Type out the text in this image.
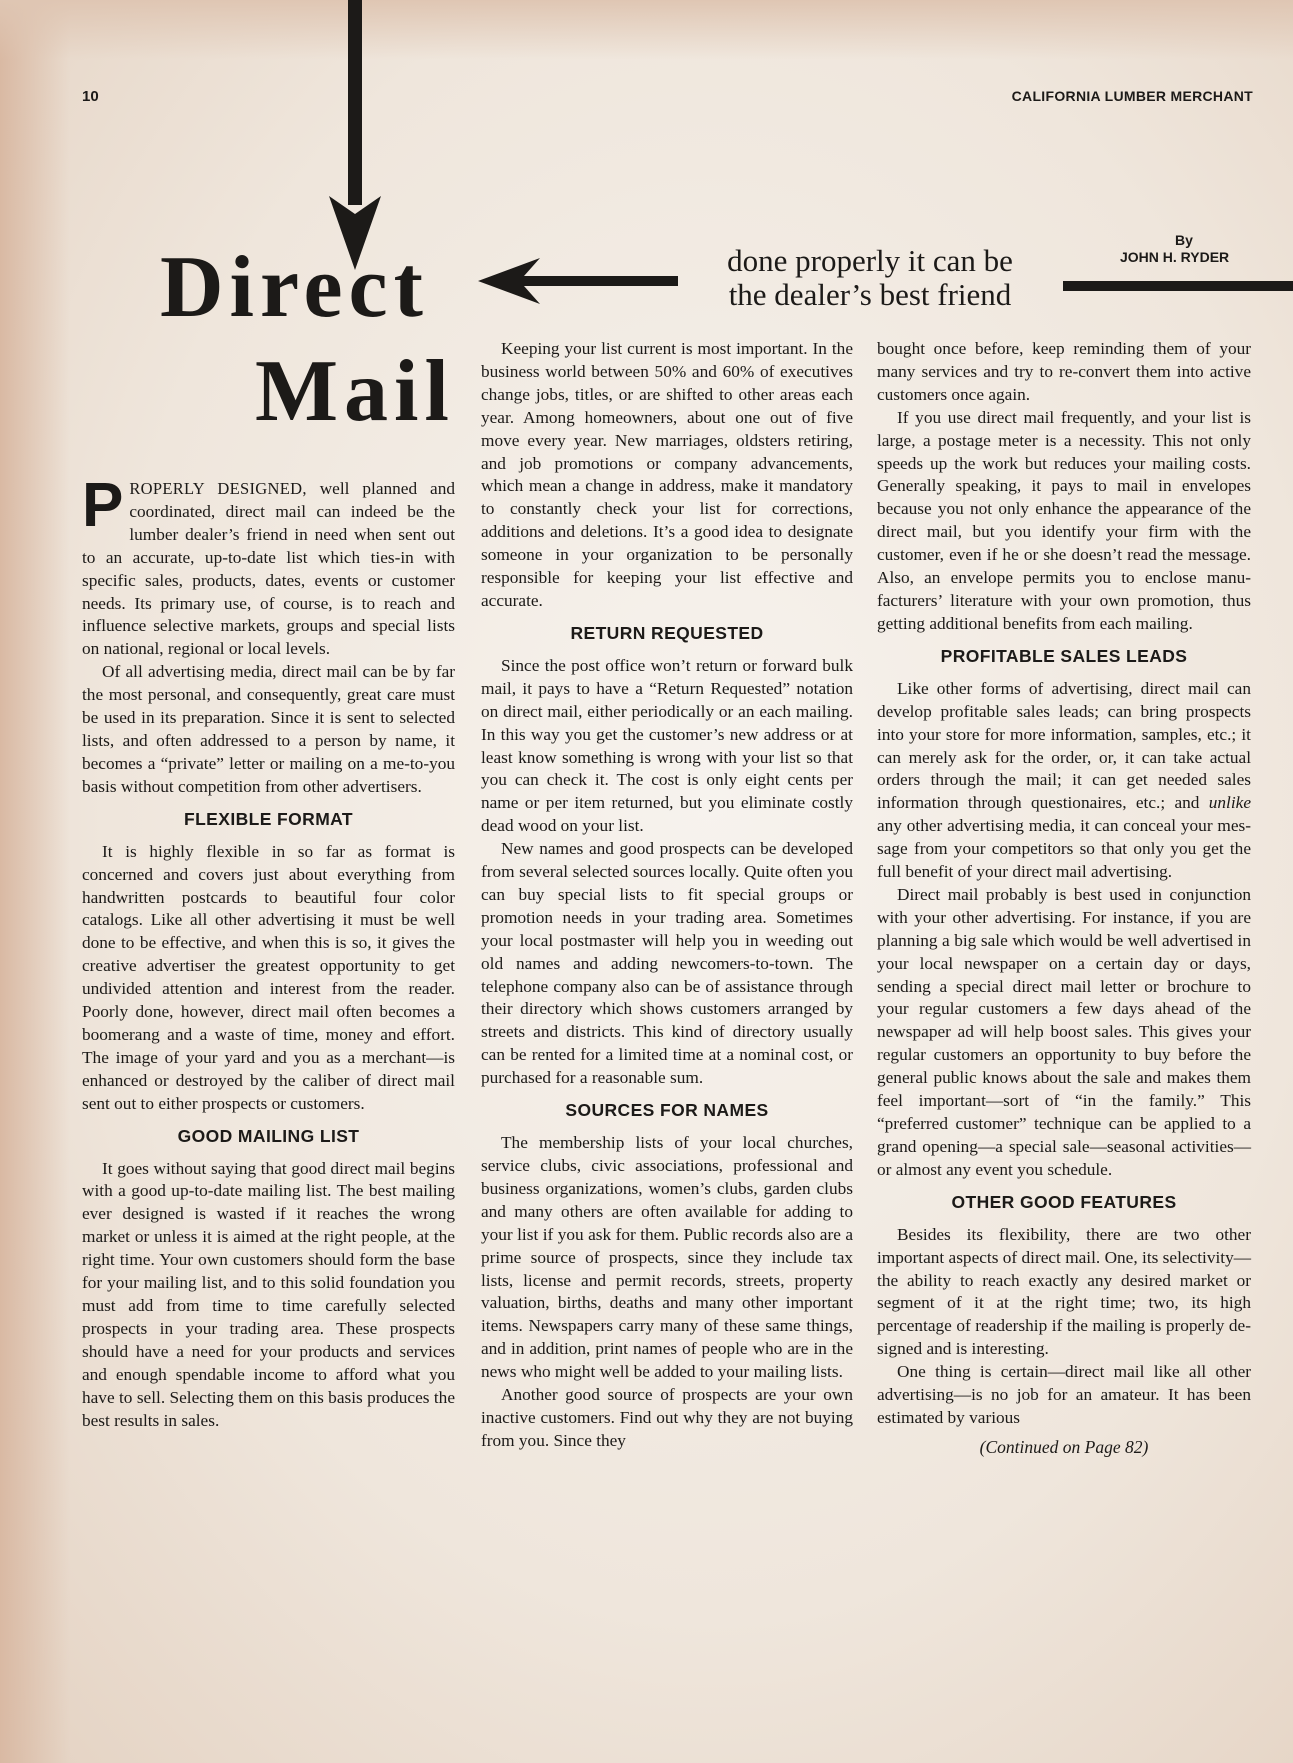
10	CALIFORNIA LUMBER MERCHANT
Direct
Mail
done properly it can be
the dealer’s best friend
By
JOHN H. RYDER

PROPERLY DESIGNED, well planned and coordinated, direct mail can indeed be the lumber dealer’s friend in need when sent out to an accurate, up-to-date list which ties-in with specific sales, products, dates, events or customer needs. Its primary use, of course, is to reach and influence selective markets, groups and special lists on national, regional or local levels.

Of all advertising media, direct mail can be by far the most personal, and consequently, great care must be used in its preparation. Since it is sent to selected lists, and often addressed to a person by name, it becomes a “private” letter or mailing on a me-to-you basis without competition from other advertisers.

FLEXIBLE FORMAT

It is highly flexible in so far as format is concerned and covers just about everything from handwritten postcards to beautiful four color catalogs. Like all other advertising it must be well done to be effective, and when this is so, it gives the creative advertiser the greatest opportunity to get undivided attention and interest from the reader. Poorly done, however, direct mail often becomes a boomerang and a waste of time, money and effort. The image of your yard and you as a merchant—is enhanced or destroyed by the caliber of direct mail sent out to either prospects or customers.

GOOD MAILING LIST

It goes without saying that good direct mail begins with a good up-to-date mailing list. The best mailing ever designed is wasted if it reaches the wrong market or unless it is aimed at the right people, at the right time. Your own customers should form the base for your mailing list, and to this solid foundation you must add from time to time carefully selected prospects in your trading area. These prospects should have a need for your products and services and enough spendable income to afford what you have to sell. Selecting them on this basis produces the best results in sales.

Keeping your list current is most important. In the business world between 50% and 60% of executives change jobs, titles, or are shifted to other areas each year. Among homeowners, about one out of five move every year. New marriages, oldsters retiring, and job promotions or company advancements, which mean a change in address, make it mandatory to constantly check your list for corrections, additions and deletions. It’s a good idea to designate someone in your organization to be personally responsible for keeping your list effective and accurate.

RETURN REQUESTED

Since the post office won’t return or forward bulk mail, it pays to have a “Return Requested” notation on direct mail, either periodically or an each mailing. In this way you get the customer’s new address or at least know something is wrong with your list so that you can check it. The cost is only eight cents per name or per item returned, but you eliminate costly dead wood on your list.

New names and good prospects can be developed from several selected sources locally. Quite often you can buy special lists to fit special groups or promotion needs in your trading area. Sometimes your local postmaster will help you in weeding out old names and adding newcomers-to-town. The telephone company also can be of assistance through their directory which shows customers arranged by streets and districts. This kind of directory usually can be rented for a limited time at a nominal cost, or purchased for a reasonable sum.

SOURCES FOR NAMES

The membership lists of your local churches, service clubs, civic associations, professional and business organizations, women’s clubs, garden clubs and many others are often available for adding to your list if you ask for them. Public records also are a prime source of prospects, since they include tax lists, license and permit records, streets, property valuation, births, deaths and many other important items. Newspapers carry many of these same things, and in addition, print names of people who are in the news who might well be added to your mailing lists.

Another good source of prospects are your own inactive customers. Find out why they are not buying from you. Since they

bought once before, keep reminding them of your many services and try to re-convert them into active customers once again.

If you use direct mail frequently, and your list is large, a postage meter is a necessity. This not only speeds up the work but reduces your mailing costs. Generally speaking, it pays to mail in envelopes because you not only enhance the appearance of the direct mail, but you identify your firm with the customer, even if he or she doesn’t read the message. Also, an envelope permits you to enclose manufacturers’ literature with your own promotion, thus getting additional benefits from each mailing.

PROFITABLE SALES LEADS

Like other forms of advertising, direct mail can develop profitable sales leads; can bring prospects into your store for more information, samples, etc.; it can merely ask for the order, or, it can take actual orders through the mail; it can get needed sales information through questionaires, etc.; and unlike any other advertising media, it can conceal your message from your competitors so that only you get the full benefit of your direct mail advertising.

Direct mail probably is best used in conjunction with your other advertising. For instance, if you are planning a big sale which would be well advertised in your local newspaper on a certain day or days, sending a special direct mail letter or brochure to your regular customers a few days ahead of the newspaper ad will help boost sales. This gives your regular customers an opportunity to buy before the general public knows about the sale and makes them feel important—sort of “in the family.” This “preferred customer” technique can be applied to a grand opening—a special sale—seasonal activities—or almost any event you schedule.

OTHER GOOD FEATURES

Besides its flexibility, there are two other important aspects of direct mail. One, its selectivity—the ability to reach exactly any desired market or segment of it at the right time; two, its high percentage of readership if the mailing is properly designed and is interesting.

One thing is certain—direct mail like all other advertising—is no job for an amateur. It has been estimated by various

(Continued on Page 82)
